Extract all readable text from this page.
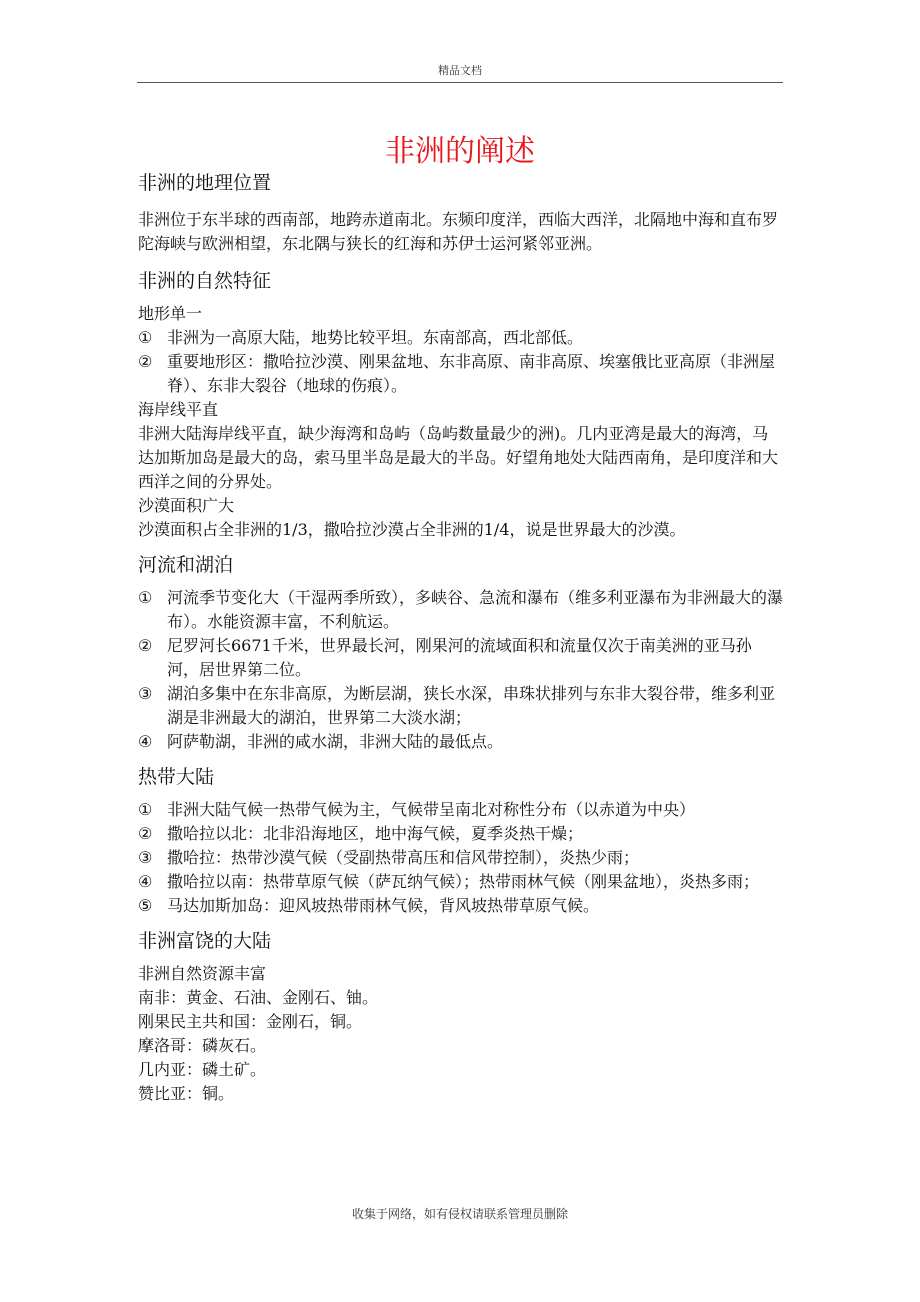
精品文档
非洲的阐述
非洲的地理位置

非洲位于东半球的西南部，地跨赤道南北。东频印度洋，西临大西洋，北隔地中海和直布罗陀海峡与欧洲相望，东北隅与狭长的红海和苏伊士运河紧邻亚洲。

非洲的自然特征

地形单一

① 非洲为一高原大陆，地势比较平坦。东南部高，西北部低。
② 重要地形区：撒哈拉沙漠、刚果盆地、东非高原、南非高原、埃塞俄比亚高原（非洲屋脊）、东非大裂谷（地球的伤痕）。

海岸线平直

非洲大陆海岸线平直，缺少海湾和岛屿（岛屿数量最少的洲)。几内亚湾是最大的海湾，马达加斯加岛是最大的岛，索马里半岛是最大的半岛。好望角地处大陆西南角，是印度洋和大西洋之间的分界处。

沙漠面积广大

沙漠面积占全非洲的1/3，撒哈拉沙漠占全非洲的1/4，说是世界最大的沙漠。

河流和湖泊
① 河流季节变化大（干湿两季所致），多峡谷、急流和瀑布（维多利亚瀑布为非洲最大的瀑布）。水能资源丰富，不利航运。
② 尼罗河长6671千米，世界最长河，刚果河的流域面积和流量仅次于南美洲的亚马孙河，居世界第二位。
③ 湖泊多集中在东非高原，为断层湖，狭长水深，串珠状排列与东非大裂谷带，维多利亚湖是非洲最大的湖泊，世界第二大淡水湖；
④ 阿萨勒湖，非洲的咸水湖，非洲大陆的最低点。
热带大陆
① 非洲大陆气候一热带气候为主，气候带呈南北对称性分布（以赤道为中央）
② 撒哈拉以北：北非沿海地区，地中海气候，夏季炎热干燥；
③ 撒哈拉：热带沙漠气候（受副热带高压和信风带控制），炎热少雨；
④ 撒哈拉以南：热带草原气候（萨瓦纳气候）；热带雨林气候（刚果盆地），炎热多雨；
⑤ 马达加斯加岛：迎风坡热带雨林气候，背风坡热带草原气候。
非洲富饶的大陆

非洲自然资源丰富

南非：黄金、石油、金刚石、铀。

刚果民主共和国：金刚石，铜。

摩洛哥：磷灰石。

几内亚：磷土矿。

赞比亚：铜。

收集于网络，如有侵权请联系管理员删除
